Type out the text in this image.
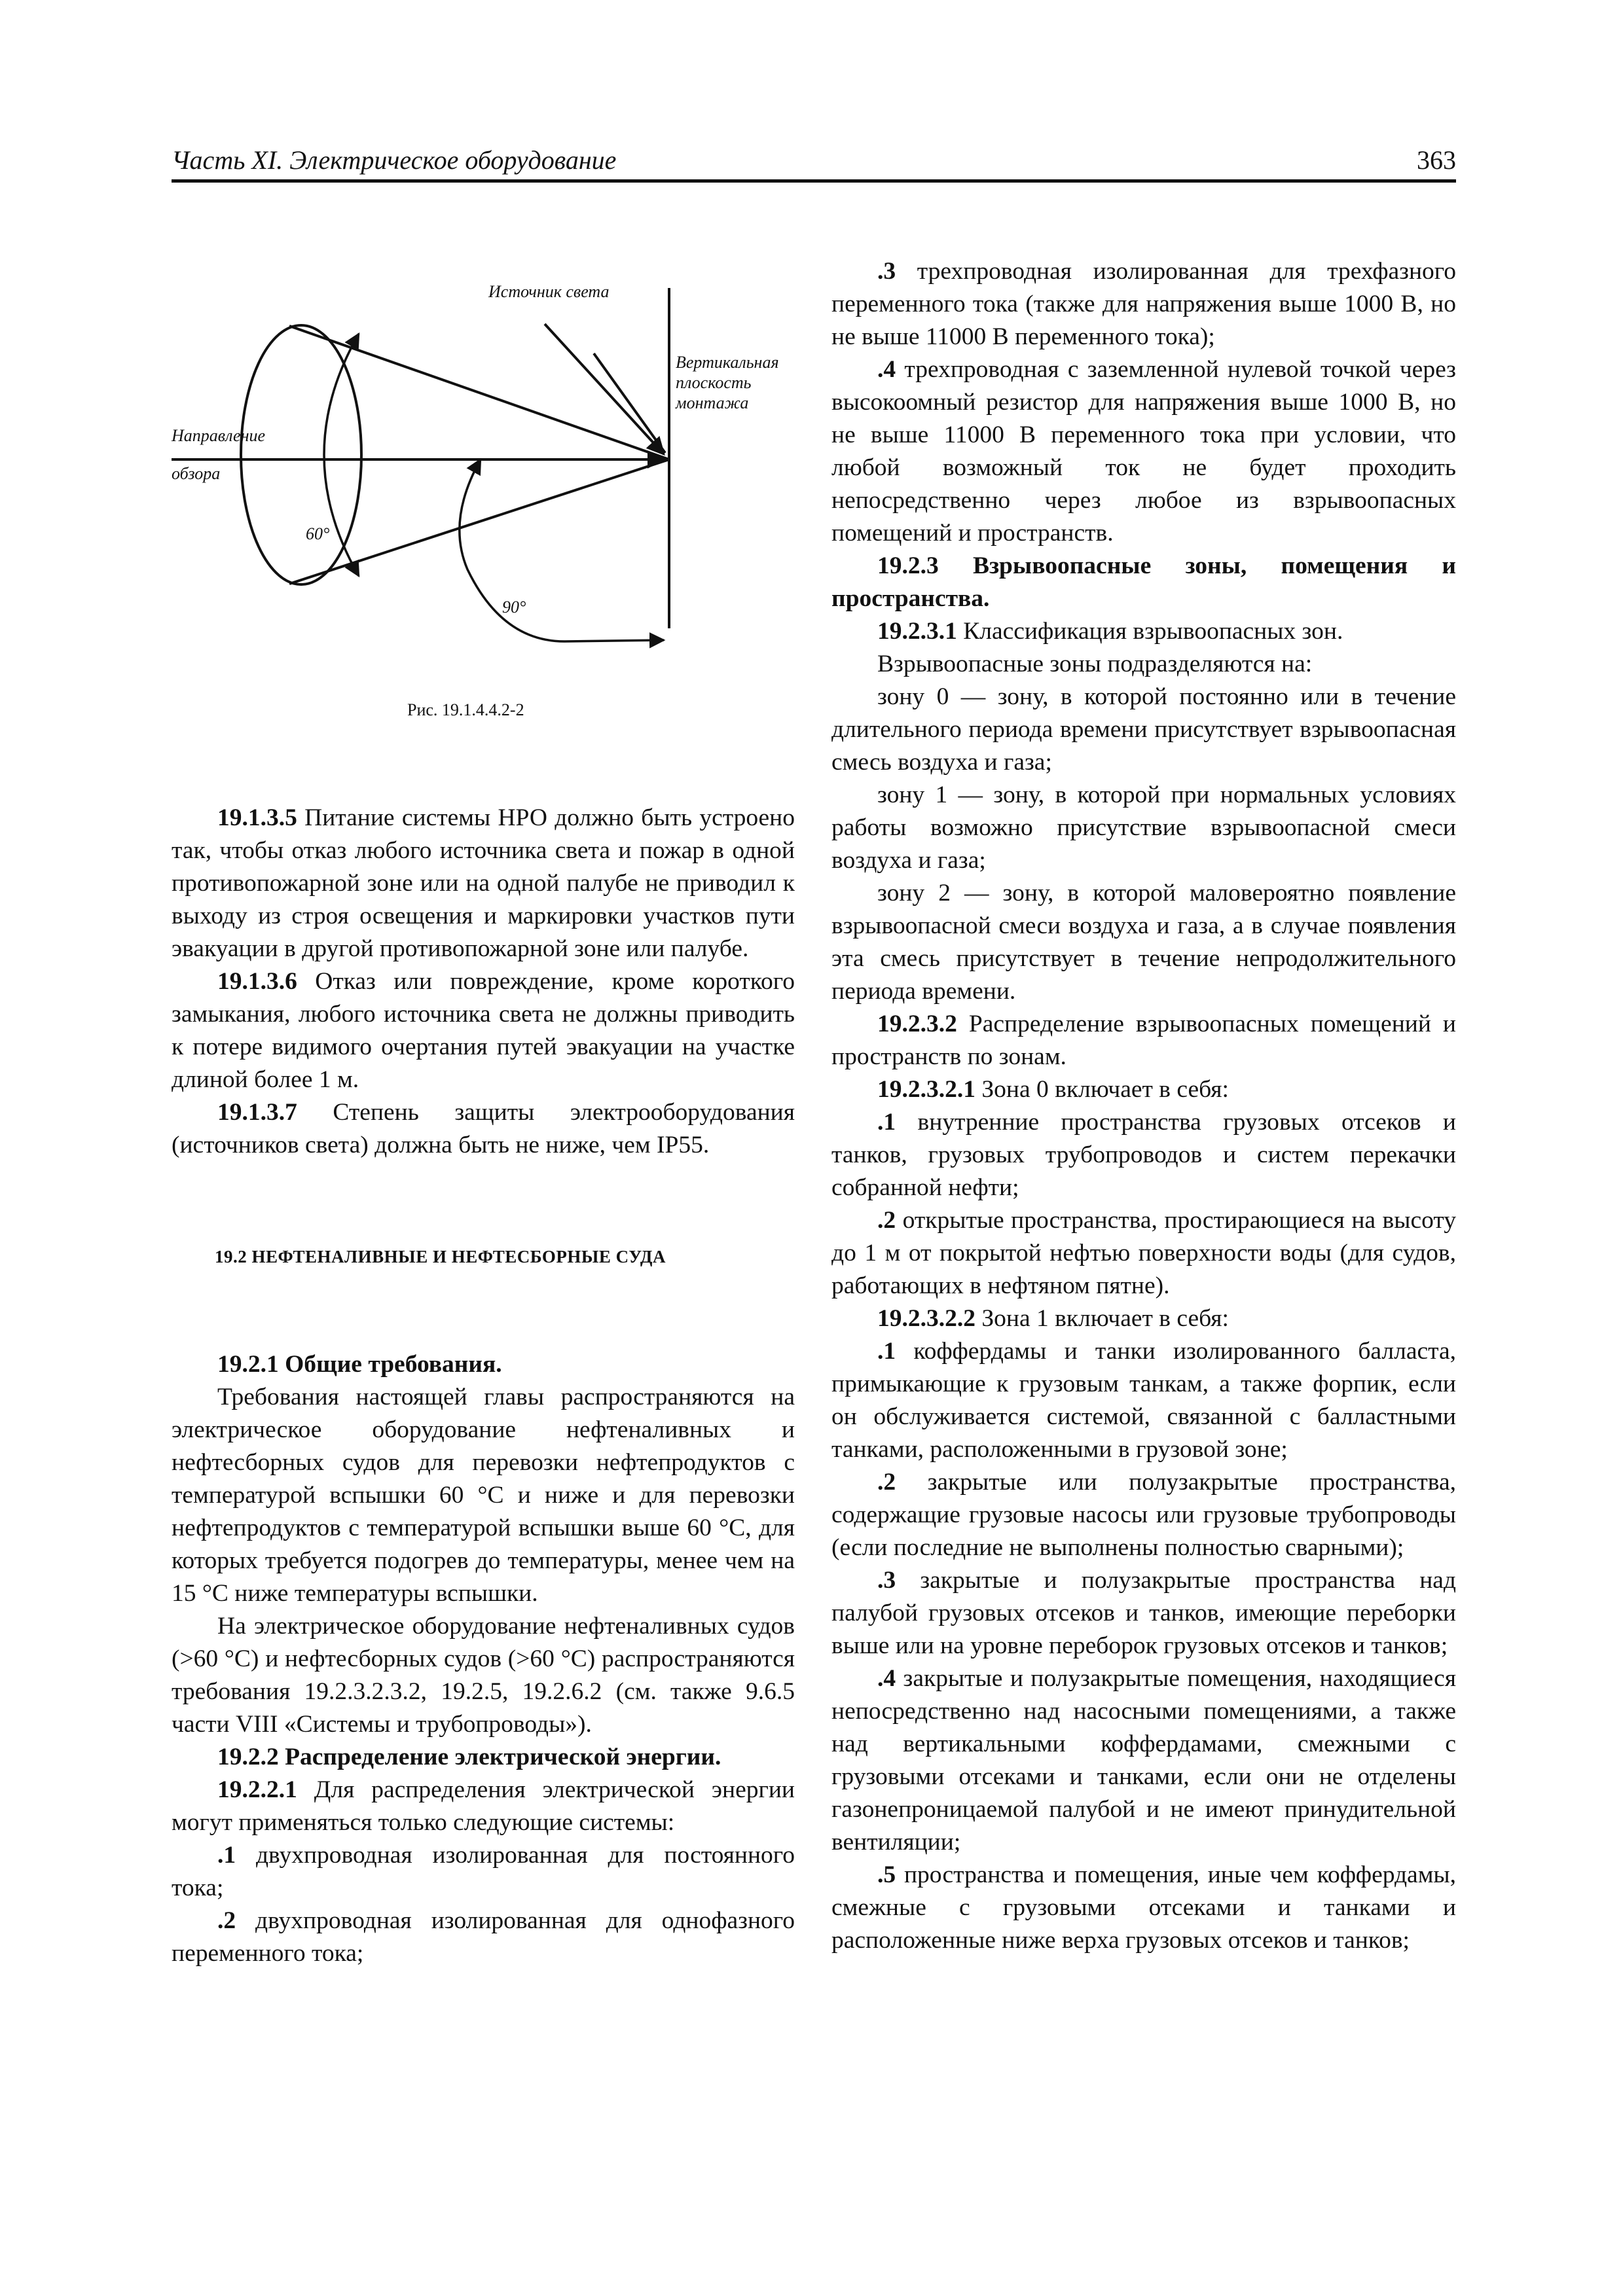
Часть XI. Электрическое оборудование	363
Источник света
Вертикальная плоскость монтажа
Направление
обзора
60°
90°
Рис. 19.1.4.4.2-2

19.1.3.5 Питание системы НРО должно быть устроено так, чтобы отказ любого источника света и пожар в одной противопожарной зоне или на одной палубе не приводил к выходу из строя освещения и маркировки участков пути эвакуации в другой противопожарной зоне или палубе.

19.1.3.6 Отказ или повреждение, кроме короткого замыкания, любого источника света не должны приводить к потере видимого очертания путей эвакуации на участке длиной более 1 м.

19.1.3.7 Степень защиты электрооборудования (источников света) должна быть не ниже, чем IP55.

19.2 НЕФТЕНАЛИВНЫЕ И НЕФТЕСБОРНЫЕ СУДА

19.2.1 Общие требования.

Требования настоящей главы распространяются на электрическое оборудование нефтеналивных и нефтесборных судов для перевозки нефтепродуктов с температурой вспышки 60 °С и ниже и для перевозки нефтепродуктов с температурой вспышки выше 60 °С, для которых требуется подогрев до температуры, менее чем на 15 °С ниже температуры вспышки.

На электрическое оборудование нефтеналивных судов (>60 °С) и нефтесборных судов (>60 °С) распространяются требования 19.2.3.2.3.2, 19.2.5, 19.2.6.2 (см. также 9.6.5 части VIII «Системы и трубопроводы»).

19.2.2 Распределение электрической энергии.

19.2.2.1 Для распределения электрической энергии могут применяться только следующие системы:

.1 двухпроводная изолированная для постоянного тока;

.2 двухпроводная изолированная для однофазного переменного тока;

.3 трехпроводная изолированная для трехфазного переменного тока (также для напряжения выше 1000 В, но не выше 11000 В переменного тока);

.4 трехпроводная с заземленной нулевой точкой через высокоомный резистор для напряжения выше 1000 В, но не выше 11000 В переменного тока при условии, что любой возможный ток не будет проходить непосредственно через любое из взрывоопасных помещений и пространств.

19.2.3 Взрывоопасные зоны, помещения и пространства.

19.2.3.1 Классификация взрывоопасных зон.

Взрывоопасные зоны подразделяются на:

зону 0 — зону, в которой постоянно или в течение длительного периода времени присутствует взрывоопасная смесь воздуха и газа;

зону 1 — зону, в которой при нормальных условиях работы возможно присутствие взрывоопасной смеси воздуха и газа;

зону 2 — зону, в которой маловероятно появление взрывоопасной смеси воздуха и газа, а в случае появления эта смесь присутствует в течение непродолжительного периода времени.

19.2.3.2 Распределение взрывоопасных помещений и пространств по зонам.

19.2.3.2.1 Зона 0 включает в себя:

.1 внутренние пространства грузовых отсеков и танков, грузовых трубопроводов и систем перекачки собранной нефти;

.2 открытые пространства, простирающиеся на высоту до 1 м от покрытой нефтью поверхности воды (для судов, работающих в нефтяном пятне).

19.2.3.2.2 Зона 1 включает в себя:

.1 коффердамы и танки изолированного балласта, примыкающие к грузовым танкам, а также форпик, если он обслуживается системой, связанной с балластными танками, расположенными в грузовой зоне;

.2 закрытые или полузакрытые пространства, содержащие грузовые насосы или грузовые трубопроводы (если последние не выполнены полностью сварными);

.3 закрытые и полузакрытые пространства над палубой грузовых отсеков и танков, имеющие переборки выше или на уровне переборок грузовых отсеков и танков;

.4 закрытые и полузакрытые помещения, находящиеся непосредственно над насосными помещениями, а также над вертикальными коффердамами, смежными с грузовыми отсеками и танками, если они не отделены газонепроницаемой палубой и не имеют принудительной вентиляции;

.5 пространства и помещения, иные чем коффердамы, смежные с грузовыми отсеками и танками и расположенные ниже верха грузовых отсеков и танков;
